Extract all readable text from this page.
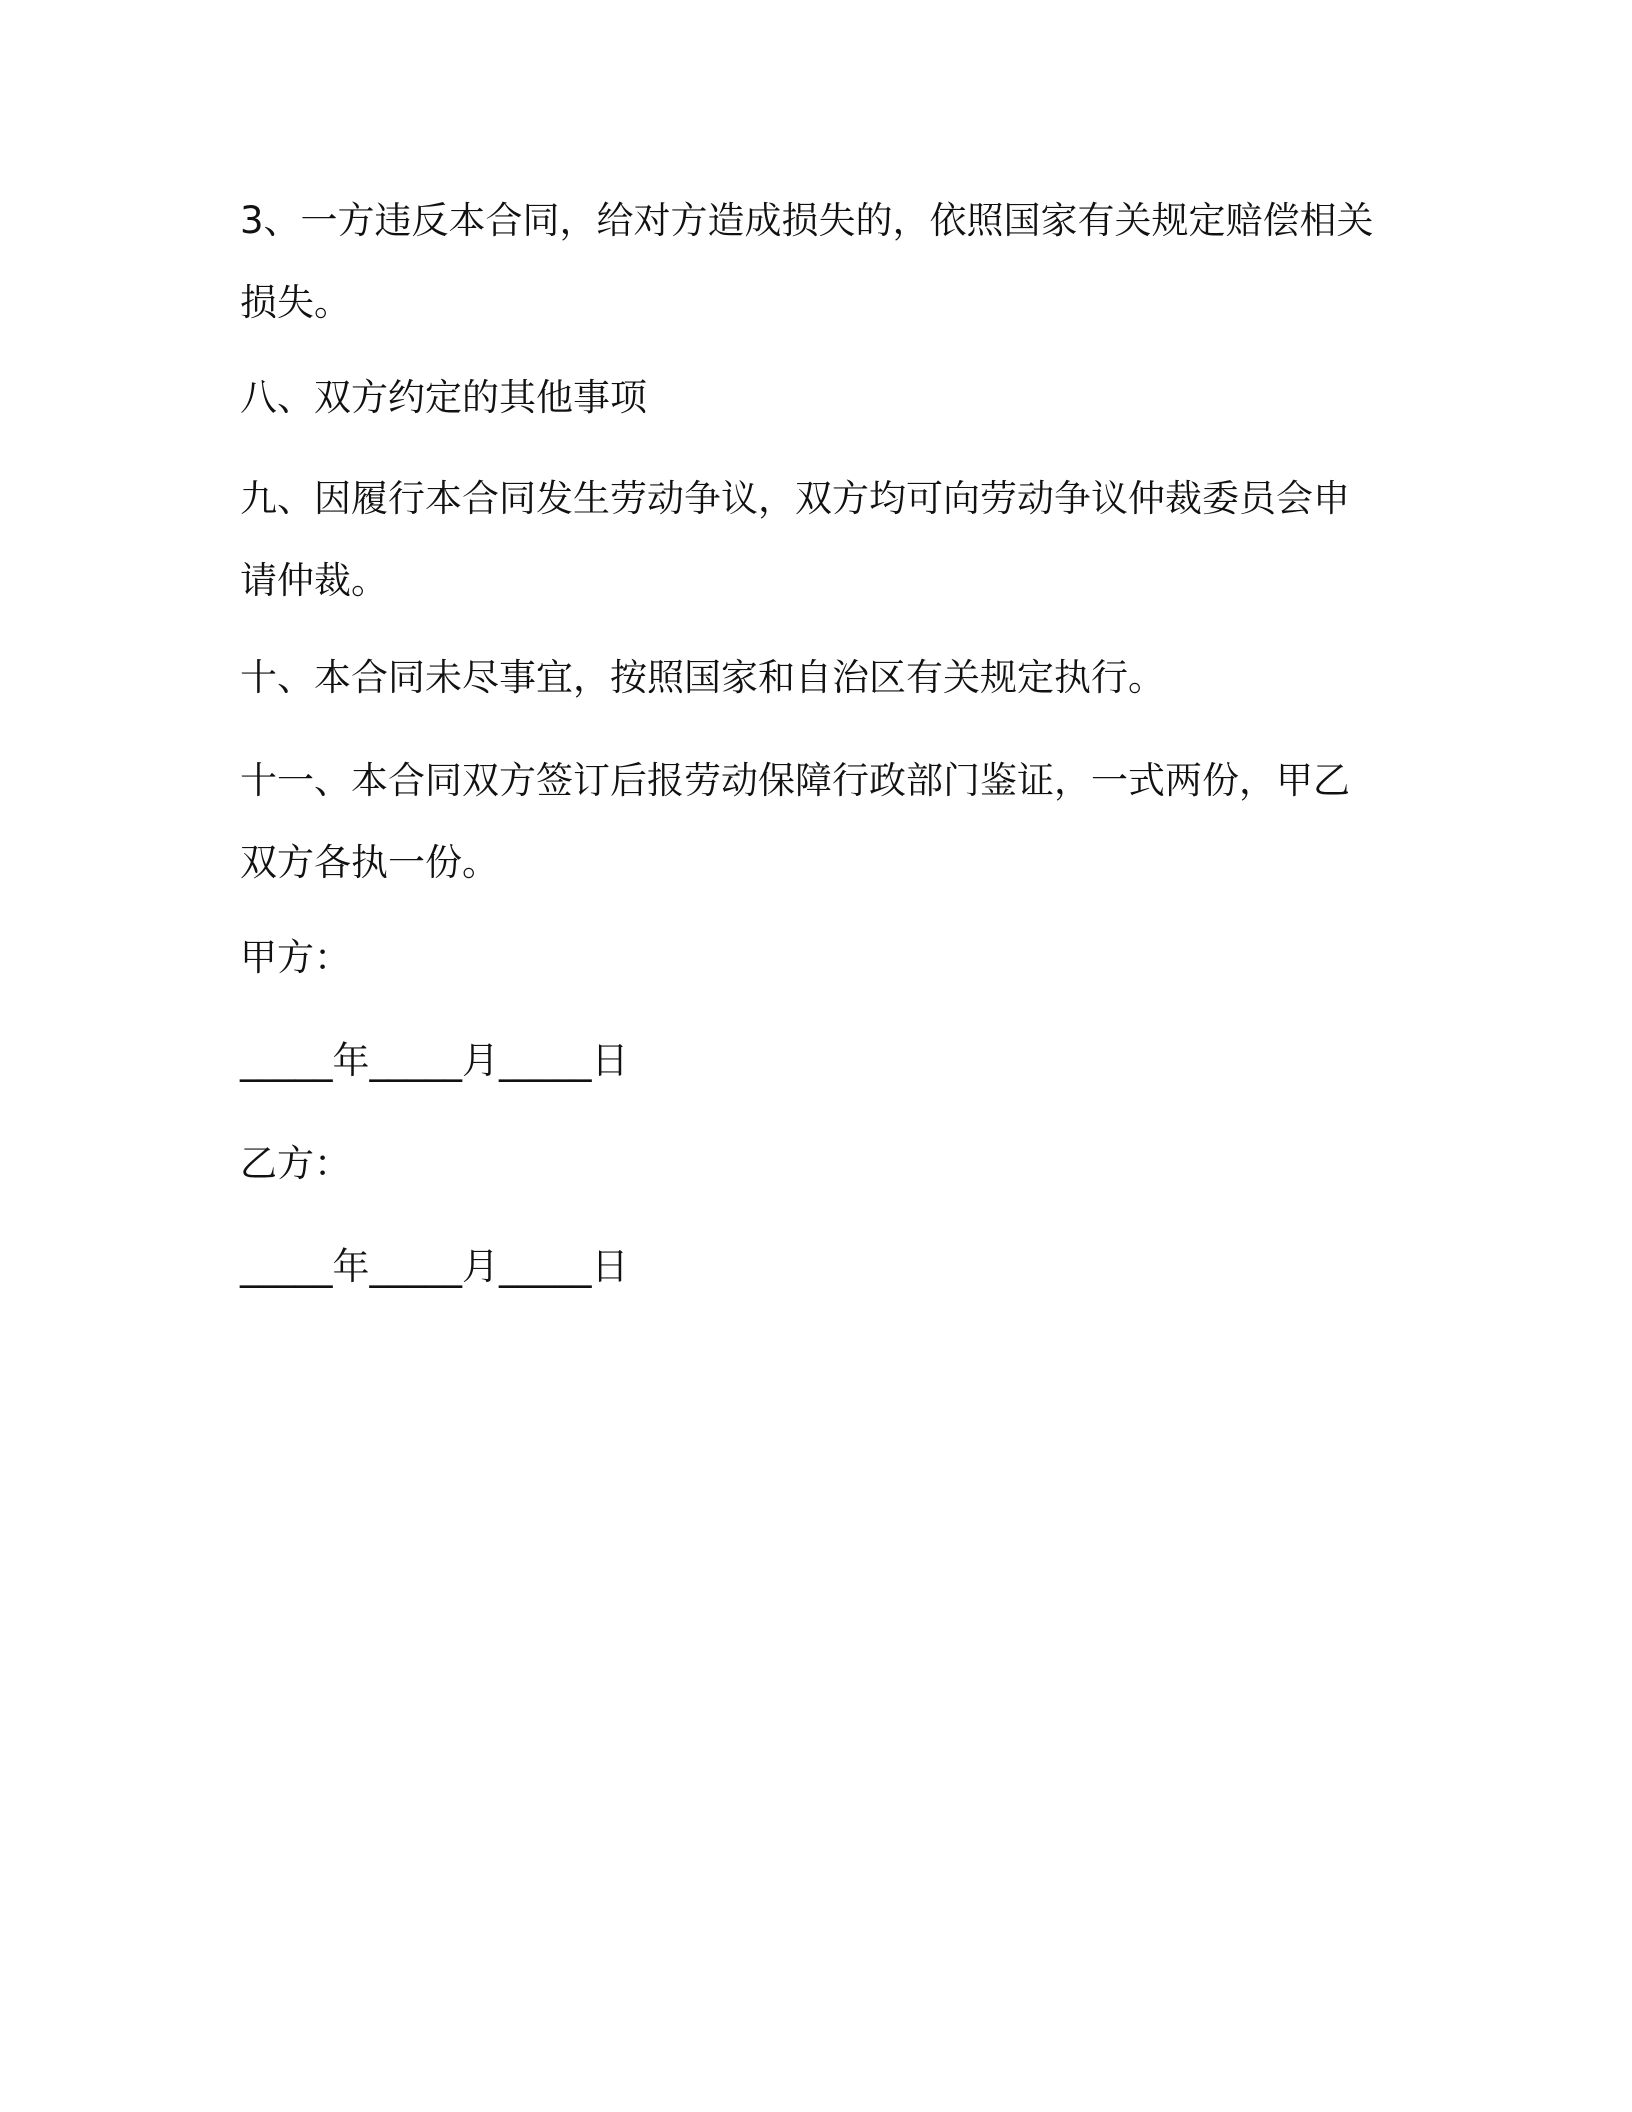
3、一方违反本合同，给对方造成损失的，依照国家有关规定赔偿相关
损失。

八、双方约定的其他事项

九、因履行本合同发生劳动争议，双方均可向劳动争议仲裁委员会申
请仲裁。

十、本合同未尽事宜，按照国家和自治区有关规定执行。

十一、本合同双方签订后报劳动保障行政部门鉴证，一式两份，甲乙
双方各执一份。

甲方：

_____年_____月_____日

乙方：

_____年_____月_____日
